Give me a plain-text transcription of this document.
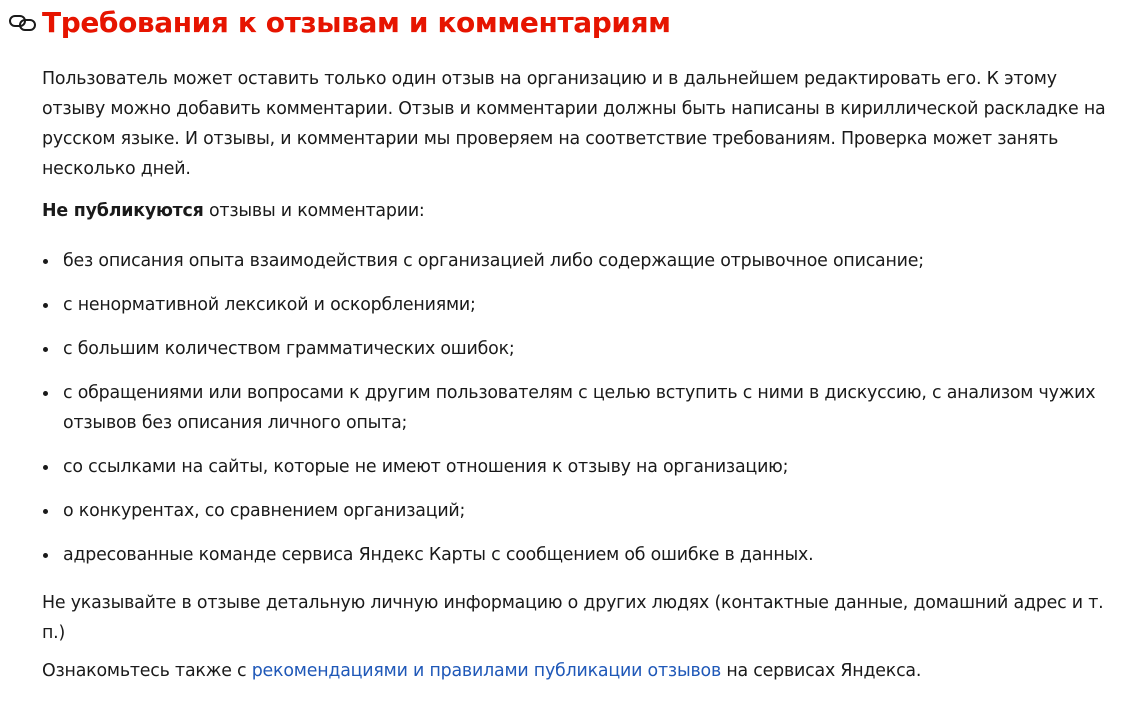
Требования к отзывам и комментариям

Пользователь может оставить только один отзыв на организацию и в дальнейшем редактировать его. К этому отзыву можно добавить комментарии. Отзыв и комментарии должны быть написаны в кириллической раскладке на русском языке. И отзывы, и комментарии мы проверяем на соответствие требованиям. Проверка может занять несколько дней.

Не публикуются отзывы и комментарии:

без описания опыта взаимодействия с организацией либо содержащие отрывочное описание;
с ненормативной лексикой и оскорблениями;
с большим количеством грамматических ошибок;
с обращениями или вопросами к другим пользователям с целью вступить с ними в дискуссию, с анализом чужих отзывов без описания личного опыта;
со ссылками на сайты, которые не имеют отношения к отзыву на организацию;
о конкурентах, со сравнением организаций;
адресованные команде сервиса Яндекс Карты с сообщением об ошибке в данных.

Не указывайте в отзыве детальную личную информацию о других людях (контактные данные, домашний адрес и т. п.)

Ознакомьтесь также с рекомендациями и правилами публикации отзывов на сервисах Яндекса.
